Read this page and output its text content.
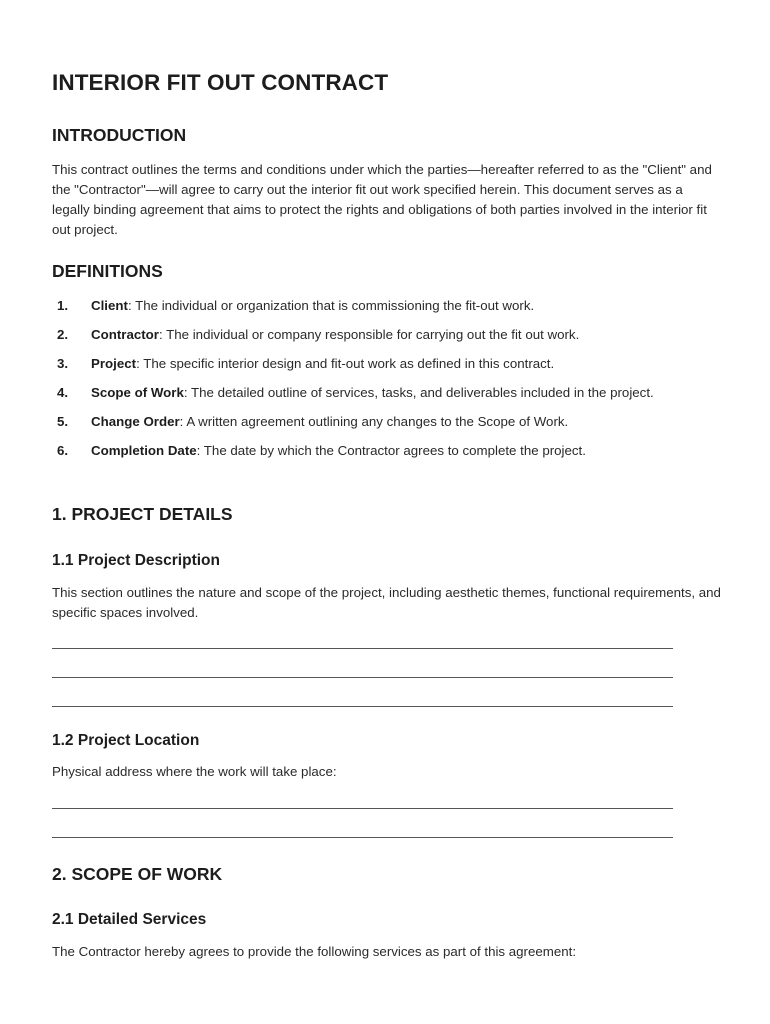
INTERIOR FIT OUT CONTRACT
INTRODUCTION

This contract outlines the terms and conditions under which the parties—hereafter referred to as the "Client" and the "Contractor"—will agree to carry out the interior fit out work specified herein. This document serves as a legally binding agreement that aims to protect the rights and obligations of both parties involved in the interior fit out project.

DEFINITIONS
1. Client: The individual or organization that is commissioning the fit-out work.
2. Contractor: The individual or company responsible for carrying out the fit out work.
3. Project: The specific interior design and fit-out work as defined in this contract.
4. Scope of Work: The detailed outline of services, tasks, and deliverables included in the project.
5. Change Order: A written agreement outlining any changes to the Scope of Work.
6. Completion Date: The date by which the Contractor agrees to complete the project.
1. PROJECT DETAILS
1.1 Project Description

This section outlines the nature and scope of the project, including aesthetic themes, functional requirements, and specific spaces involved.

1.2 Project Location

Physical address where the work will take place:

2. SCOPE OF WORK
2.1 Detailed Services

The Contractor hereby agrees to provide the following services as part of this agreement:
